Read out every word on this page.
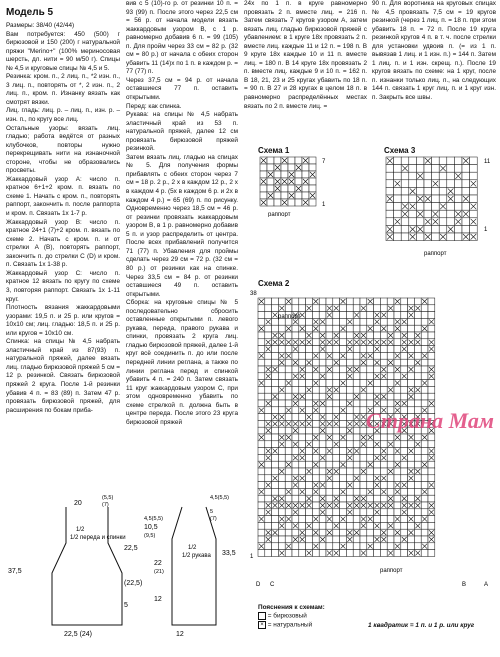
Модель 5

Размеры: 38/40 (42/44)

Вам потребуется: 450 (500) г бирюзовой и 150 (200) г натуральной пряжи "Merino+" (100% мериносовая шерсть, дл. нити = 90 м/50 г). Спицы № 4,5 и круговые спицы № 4,5 и 5.

Резинка: кром. п., 2 лиц. п., *2 изн. п., 3 лиц. п., повторять от *, 2 изн. п., 2 лиц. п., кром. п. Изнанку вязать как смотрят вязки.

Лиц. гладь: лиц. р. – лиц. п., изн. р. – изн. п., по кругу все лиц.

Остальные узоры: вязать лиц. гладью; работа ведётся от разных клубочков, повторы нужно перекрещивать нити на изнаночной стороне, чтобы не образовались просветы.

Жаккардовый узор A: число п. кратное 6+1+2 кром. п. вязать по схеме 1. Начать с кром. п., повторять раппорт, закончить п. после раппорта и кром. п. Связать 1х 1-7 р.

Жаккардовый узор B: число п. кратное 24+1 (7)+2 кром. п. вязать по схеме 2. Начать с кром. п. и от стрелки A (B), повторять раппорт, закончить п. до стрелки C (D) и кром. п. Связать 1х 1-38 р.

Жаккардовый узор C: число п. кратное 12 вязать по кругу по схеме 3, повторяя раппорт. Связать 1х 1-11 круг.

Плотность вязания жаккардовыми узорами: 19,5 п. и 25 р. или кругов = 10х10 см; лиц. гладью: 18,5 п. и 25 р. или кругов = 10х10 см.

Спинка: на спицы № 4,5 набрать эластичный край из 87(93) п. натуральной пряжей, далее вязать лиц. гладью бирюзовой пряжей 5 см = 12 р. резинкой. Связать бирюзовой пряжей 2 кругa. После 1-й резинки убавив 4 п. = 83 (89) п. Затем 47 р. провязать бирюзовой пряжей, для расширения по бокам приба-

вив с 5 (10)-го р. от резинки 10 п. = 93 (99) п. После этого через 22,5 см = 56 р. от начала модели вязать жаккардовым узором B, с 1 р. равномерно добавив 6 п. = 99 (105) п. Для пройм через 33 см = 82 р. (32 см = 80 р.) от начала с обеих сторон убавить 11 (14)х по 1 п. в каждом р. = 77 (77) п.

Через 37,5 см = 94 р. от начала оставшиеся 77 п. оставить открытыми.

Перед: как спинка.

Рукава: на спицы № 4,5 набрать эластичный край из 53 п. натуральной пряжей, далее 12 см провязать бирюзовой пряжей резинкой.

Затем вязать лиц. гладью на спицах № 5. Для получения формы прибавлять с обеих сторон через 7 см = 18 р. 2 р., 2 х в каждом 12 р., 2 х в каждом 4 р. (5х в каждом 6 р. и 2х в каждом 4 р.) = 65 (69) п. по рисунку. Одновременно через 18,5 см = 46 р. от резинки провязать жаккардовым узором B, в 1 р. равномерно добавив 5 п. и узор распределить от центра. После всех прибавлений получится 71 (77) п. Убавления для проймы сделать через 29 см = 72 р. (32 см = 80 р.) от резинки как на спинке. Через 33,5 см = 84 р. от резинки оставшиеся 49 п. оставить открытыми.

Сборка: на круговые спицы № 5 последовательно сбросить оставленные открытыми п. левого рукава, переда, правого рукава и спинки, провязать 2 круга лиц. гладью бирюзовой пряжей, далее 1-й круг всё соединить п. до или после передней линии реглана, а также по линии реглана перед и спинкой убавить 4 п. = 240 п. Затем связать 11 круг жаккардовым узором C, при этом одновременно убавить по схеме стрелкой п. должна быть в центре переда. После этого 23 кругa бирюзовой пряжей

24х по 1 п. в круге равномерно провязать 2 п. вместе лиц. = 216 п. Затем связать 7 кругов узором A, затем вязать лиц. гладью бирюзовой пряжей с убавлением: в 1 круге 18х провязать 2 п. вместе лиц. каждые 11 и 12 п. = 198 п. В 9 круге 18х каждые 10 и 11 п. вместе лиц. = 180 п. В 14 круге 18х провязать 2 п. вместе лиц. каждые 9 и 10 п. = 162 п. В 18, 21, 23 и 25 кругах убавить по 18 п. = 90 п. В 27 и 28 кругах в целом 18 п. в равномерно распределённых местах вязать по 2 п. вместе лиц. =

90 п. Для воротника на круговых спицах № 4,5 провязать 7,5 см = 19 кругов резинкой (через 1 лиц. п. = 18 п. при этом убавить 18 п. = 72 п. После 19 круга резинкой кругов 4 п. в т. ч. после стрелки для установки удвоив п. (= из 1 п. вывязав 1 лиц. и 1 изн. п.) = 144 п. Затем 1 лиц. п. и 1 изн. скрещ. п.). После 19 кругов вязать по схеме: на 1 круг, после п. изнанки только лиц. п., на следующих 144 п. связать 1 круг лиц. п. и 1 круг изн. п. Закрыть все швы.

Схема 1
7
1
раппорт
Схема 3
11
1
раппорт
Схема 2
38
1
раппорт
раппорт
D C	B	A
Страна Мам
1/2
1/2 переда и спинки
20
(5,5)
(7)
37,5
22,5
5
22,5 (24)
(22,5)
1/2
1/2 рукава
4,5(5,5)
10,5
(9,5)
22
(21)
12
33,5
12
4,5(5,5)
5
(7)
Пояснения к схемам:
= бирюзовый
× = натуральный	1 квадратик = 1 п. и 1 р. или круг
